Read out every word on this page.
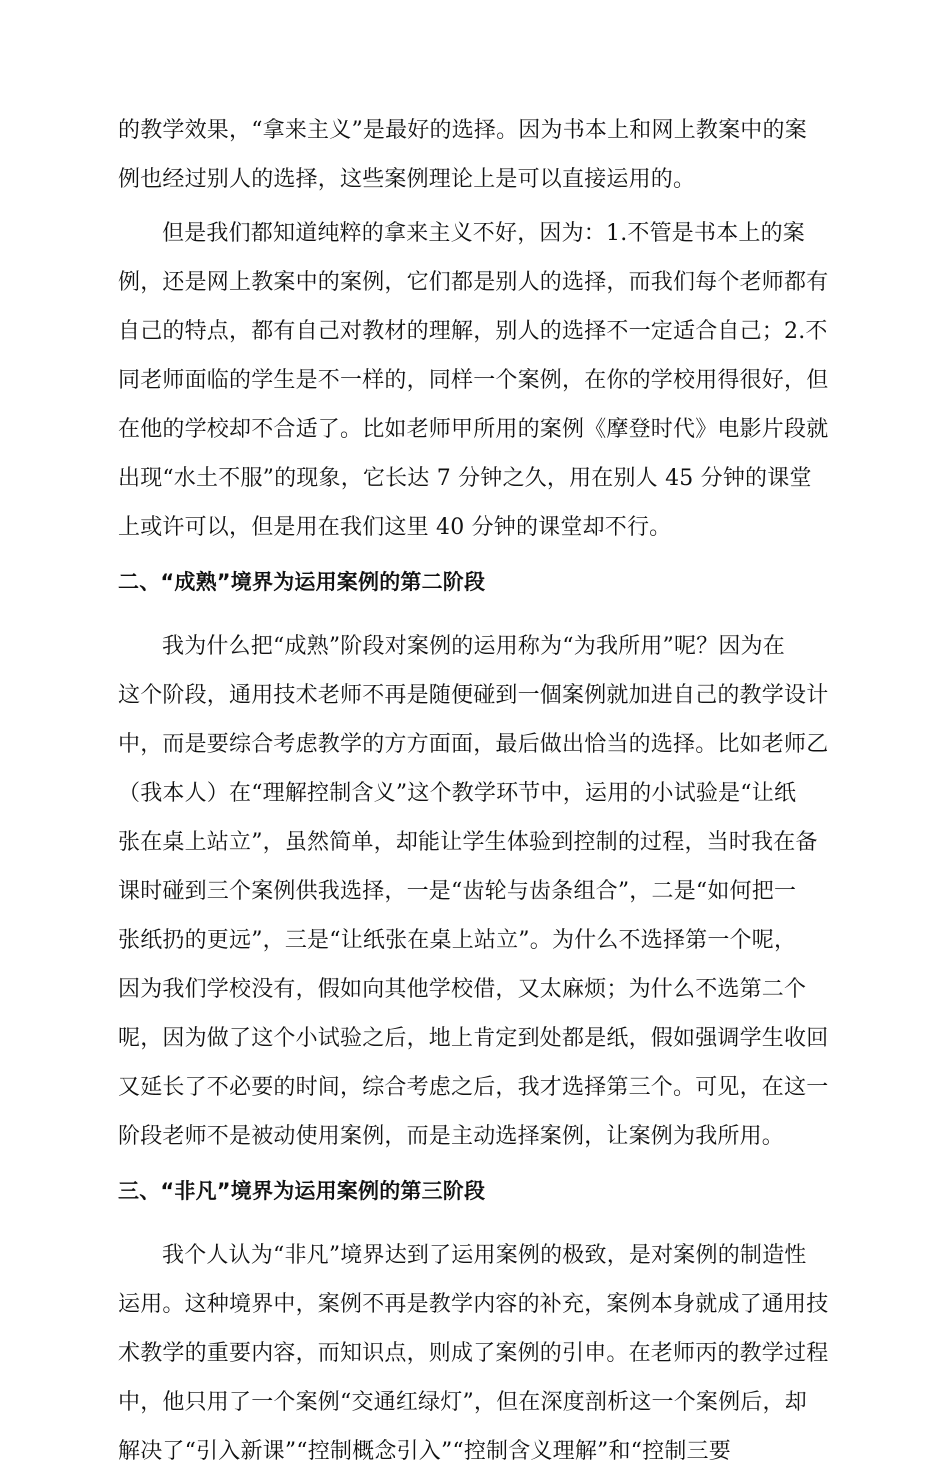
的教学效果，“拿来主义”是最好的选择。因为书本上和网上教案中的案
例也经过别人的选择，这些案例理论上是可以直接运用的。
但是我们都知道纯粹的拿来主义不好，因为：1.不管是书本上的案
例，还是网上教案中的案例，它们都是别人的选择，而我们每个老师都有
自己的特点，都有自己对教材的理解，别人的选择不一定适合自己；2.不
同老师面临的学生是不一样的，同样一个案例，在你的学校用得很好，但
在他的学校却不合适了。比如老师甲所用的案例《摩登时代》电影片段就
出现“水土不服”的现象，它长达 7 分钟之久，用在别人 45 分钟的课堂
上或许可以，但是用在我们这里 40 分钟的课堂却不行。
二、“成熟”境界为运用案例的第二阶段
我为什么把“成熟”阶段对案例的运用称为“为我所用”呢？因为在
这个阶段，通用技术老师不再是随便碰到一個案例就加进自己的教学设计
中，而是要综合考虑教学的方方面面，最后做出恰当的选择。比如老师乙
（我本人）在“理解控制含义”这个教学环节中，运用的小试验是“让纸
张在桌上站立”，虽然简单，却能让学生体验到控制的过程，当时我在备
课时碰到三个案例供我选择，一是“齿轮与齿条组合”，二是“如何把一
张纸扔的更远”，三是“让纸张在桌上站立”。为什么不选择第一个呢，
因为我们学校没有，假如向其他学校借，又太麻烦；为什么不选第二个
呢，因为做了这个小试验之后，地上肯定到处都是纸，假如强调学生收回
又延长了不必要的时间，综合考虑之后，我才选择第三个。可见，在这一
阶段老师不是被动使用案例，而是主动选择案例，让案例为我所用。
三、“非凡”境界为运用案例的第三阶段
我个人认为“非凡”境界达到了运用案例的极致，是对案例的制造性
运用。这种境界中，案例不再是教学内容的补充，案例本身就成了通用技
术教学的重要内容，而知识点，则成了案例的引申。在老师丙的教学过程
中，他只用了一个案例“交通红绿灯”，但在深度剖析这一个案例后，却
解决了“引入新课”“控制概念引入”“控制含义理解”和“控制三要
